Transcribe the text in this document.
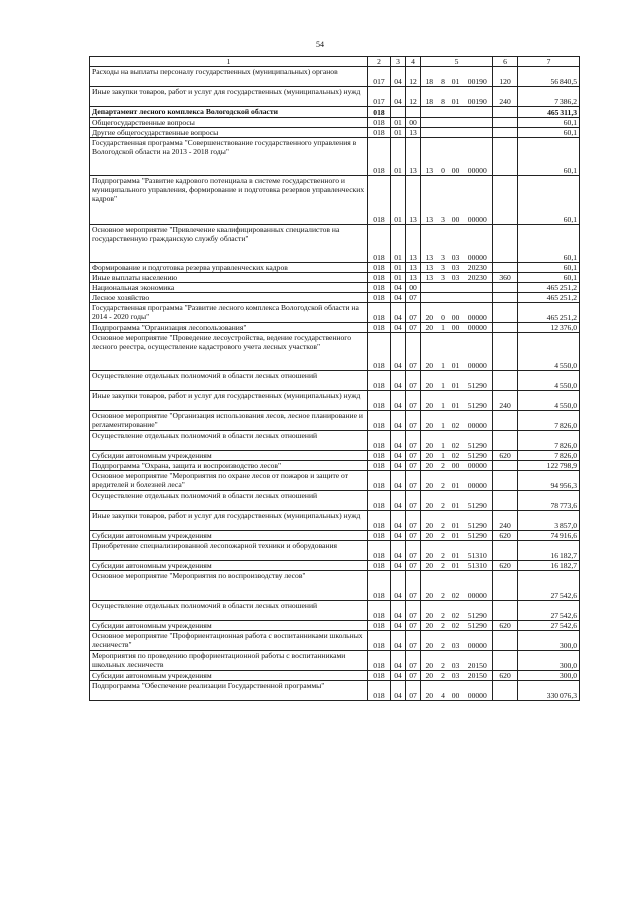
54
1	2	3	4	5				6	7
Расходы на выплаты персоналу государственных (муниципальных) органов	017	04	12	18	8	01	00190	120	56 840,5
Иные закупки товаров, работ и услуг для государственных (муниципальных) нужд	017	04	12	18	8	01	00190	240	7 386,2
Департамент лесного комплекса Вологодской области	018								465 311,3
Общегосударственные вопросы	018	01	00						60,1
Другие общегосударственные вопросы	018	01	13						60,1
Государственная программа "Совершенствование государственного управления в Вологодской области на 2013 - 2018 годы"	018	01	13	13	0	00	00000		60,1
Подпрограмма "Развитие кадрового потенциала в системе государственного и муниципального управления, формирование и подготовка резервов управленческих кадров"	018	01	13	13	3	00	00000		60,1
Основное мероприятие "Привлечение квалифицированных специалистов на государственную гражданскую службу области"	018	01	13	13	3	03	00000		60,1
Формирование и подготовка резерва управленческих кадров	018	01	13	13	3	03	20230		60,1
Иные выплаты населению	018	01	13	13	3	03	20230	360	60,1
Национальная экономика	018	04	00						465 251,2
Лесное хозяйство	018	04	07						465 251,2
Государственная программа "Развитие лесного комплекса Вологодской области на 2014 - 2020 годы"	018	04	07	20	0	00	00000		465 251,2
Подпрограмма "Организация лесопользования"	018	04	07	20	1	00	00000		12 376,0
Основное мероприятие "Проведение лесоустройства, ведение государственного лесного реестра, осуществление кадастрового учета лесных участков"	018	04	07	20	1	01	00000		4 550,0
Осуществление отдельных полномочий в области лесных отношений	018	04	07	20	1	01	51290		4 550,0
Иные закупки товаров, работ и услуг для государственных (муниципальных) нужд	018	04	07	20	1	01	51290	240	4 550,0
Основное мероприятие "Организация использования лесов, лесное планирование и регламентирование"	018	04	07	20	1	02	00000		7 826,0
Осуществление отдельных полномочий в области лесных отношений	018	04	07	20	1	02	51290		7 826,0
Субсидии автономным учреждениям	018	04	07	20	1	02	51290	620	7 826,0
Подпрограмма "Охрана, защита и воспроизводство лесов"	018	04	07	20	2	00	00000		122 798,9
Основное мероприятие "Мероприятия по охране лесов от пожаров и защите от вредителей и болезней леса"	018	04	07	20	2	01	00000		94 956,3
Осуществление отдельных полномочий в области лесных отношений	018	04	07	20	2	01	51290		78 773,6
Иные закупки товаров, работ и услуг для государственных (муниципальных) нужд	018	04	07	20	2	01	51290	240	3 857,0
Субсидии автономным учреждениям	018	04	07	20	2	01	51290	620	74 916,6
Приобретение специализированной лесопожарной техники и оборудования	018	04	07	20	2	01	51310		16 182,7
Субсидии автономным учреждениям	018	04	07	20	2	01	51310	620	16 182,7
Основное мероприятие "Мероприятия по воспроизводству лесов"	018	04	07	20	2	02	00000		27 542,6
Осуществление отдельных полномочий в области лесных отношений	018	04	07	20	2	02	51290		27 542,6
Субсидии автономным учреждениям	018	04	07	20	2	02	51290	620	27 542,6
Основное мероприятие "Профориентационная работа с воспитанниками школьных лесничеств"	018	04	07	20	2	03	00000		300,0
Мероприятия по проведению профориентационной работы с воспитанниками школьных лесничеств	018	04	07	20	2	03	20150		300,0
Субсидии автономным учреждениям	018	04	07	20	2	03	20150	620	300,0
Подпрограмма "Обеспечение реализации Государственной программы"	018	04	07	20	4	00	00000		330 076,3
